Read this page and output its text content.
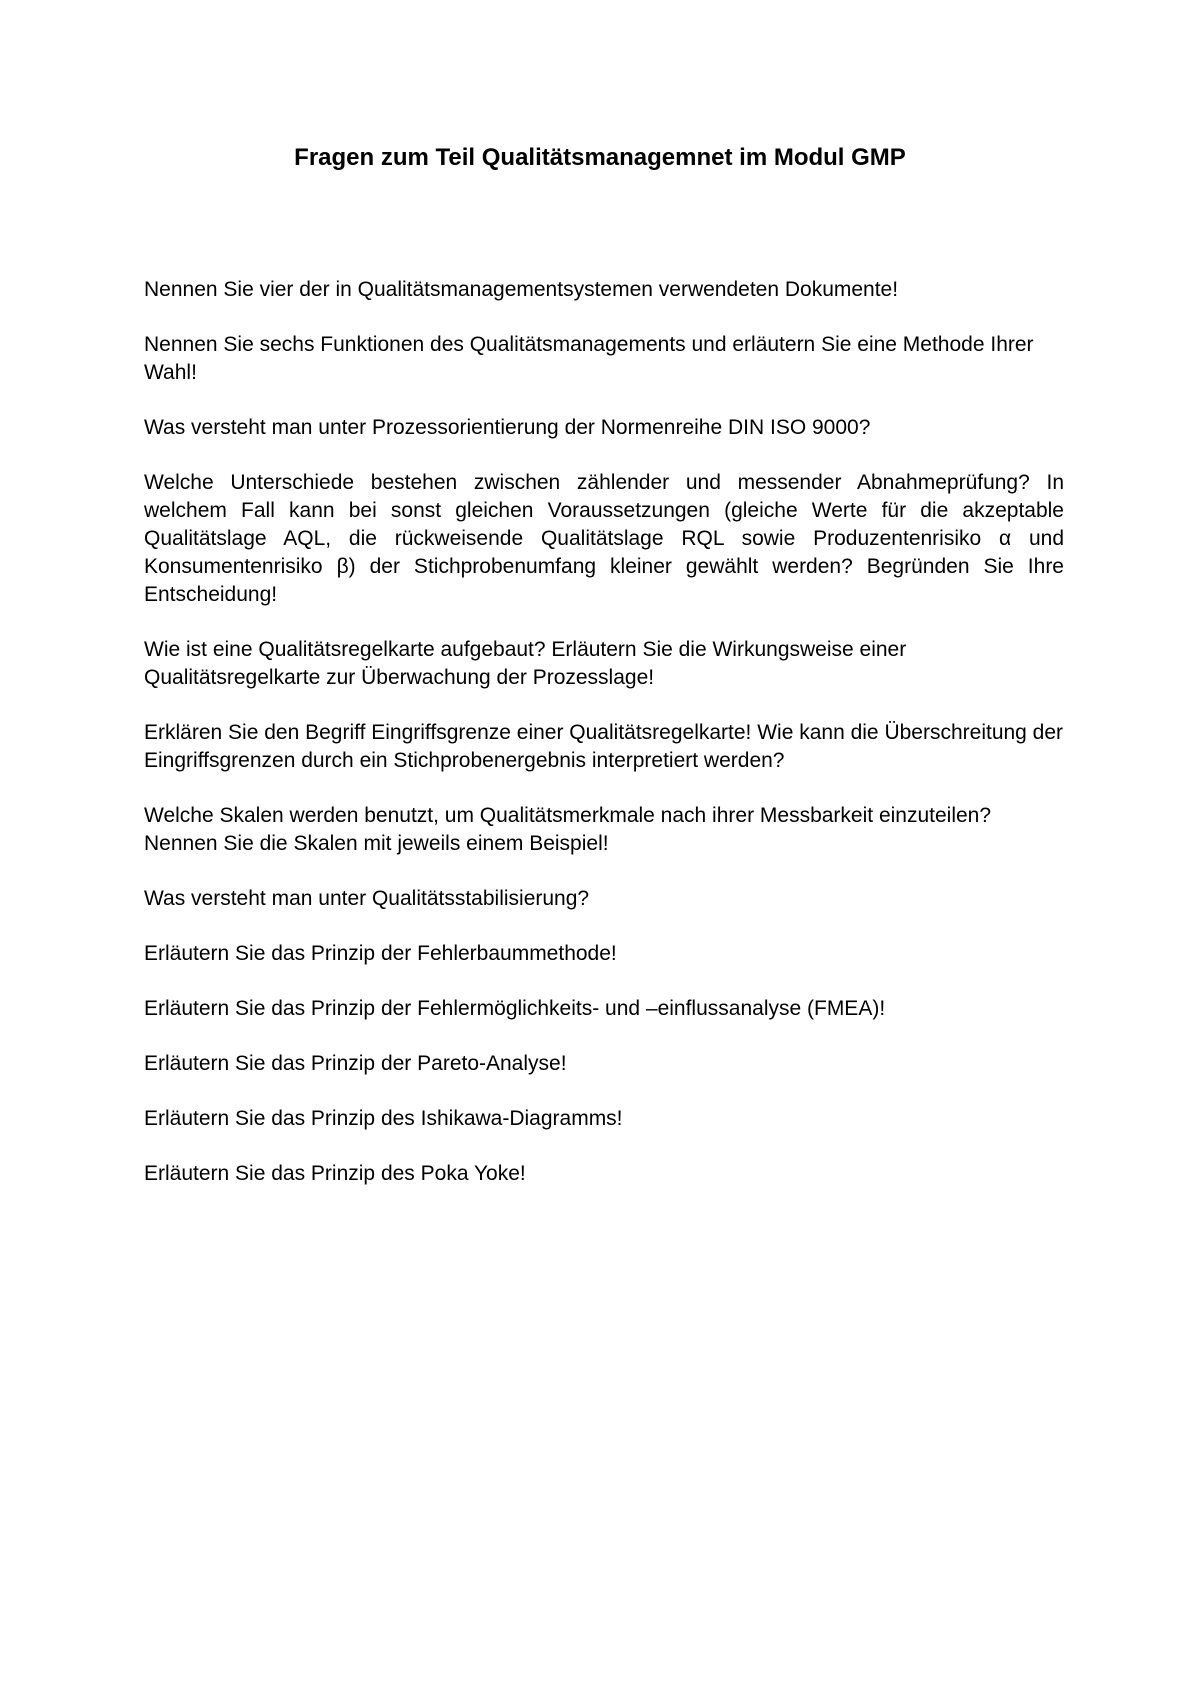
Fragen zum Teil Qualitätsmanagemnet im Modul GMP
Nennen Sie vier der in Qualitätsmanagementsystemen verwendeten Dokumente!
Nennen Sie sechs Funktionen des Qualitätsmanagements und erläutern Sie eine Methode Ihrer Wahl!
Was versteht man unter Prozessorientierung der Normenreihe DIN ISO 9000?
Welche Unterschiede bestehen zwischen zählender und messender Abnahmeprüfung? In welchem Fall kann bei sonst gleichen Voraussetzungen (gleiche Werte für die akzeptable Qualitätslage AQL, die rückweisende Qualitätslage RQL sowie Produzentenrisiko α und Konsumentenrisiko β) der Stichprobenumfang kleiner gewählt werden? Begründen Sie Ihre Entscheidung!
Wie ist eine Qualitätsregelkarte aufgebaut? Erläutern Sie die Wirkungsweise einer Qualitätsregelkarte zur Überwachung der Prozesslage!
Erklären Sie den Begriff Eingriffsgrenze einer Qualitätsregelkarte! Wie kann die Überschreitung der Eingriffsgrenzen durch ein Stichprobenergebnis interpretiert werden?
Welche Skalen werden benutzt, um Qualitätsmerkmale nach ihrer Messbarkeit einzuteilen? Nennen Sie die Skalen mit jeweils einem Beispiel!
Was versteht man unter Qualitätsstabilisierung?
Erläutern Sie das Prinzip der Fehlerbaummethode!
Erläutern Sie das Prinzip der Fehlermöglichkeits- und –einflussanalyse (FMEA)!
Erläutern Sie das Prinzip der Pareto-Analyse!
Erläutern Sie das Prinzip des Ishikawa-Diagramms!
Erläutern Sie das Prinzip des Poka Yoke!
